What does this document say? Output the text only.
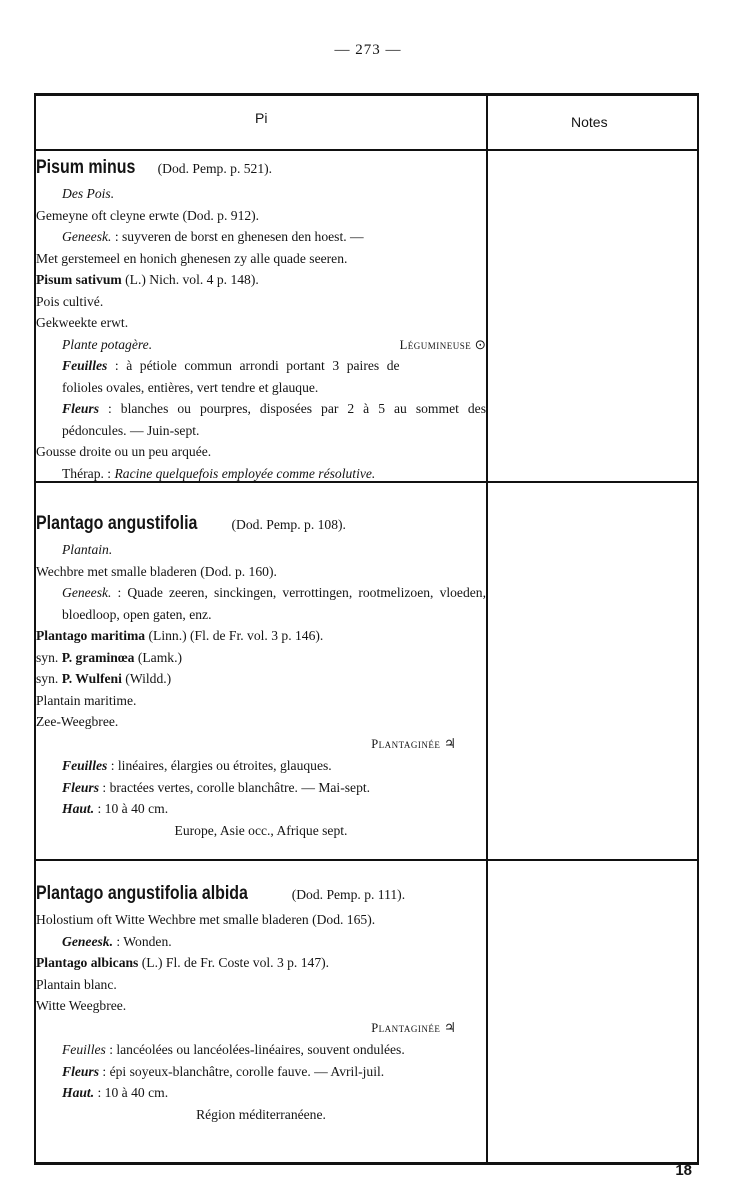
— 273 —
Pi	Notes
Pisum minus (Dod. Pemp. p. 521).
Des Pois.
Gemeyne oft cleyne erwte (Dod. p. 912).
Geneesk. : suyveren de borst en ghenesen den hoest. —
Met gerstemeel en honich ghenesen zy alle quade seeren.
Pisum sativum (L.) Nich. vol. 4 p. 148).
Pois cultivé.
Gekweekte erwt.
Plante potagère.	Légumineuse ⊙
Feuilles : à pétiole commun arrondi portant 3 paires de folioles ovales, entières, vert tendre et glauque.
Fleurs : blanches ou pourpres, disposées par 2 à 5 au sommet des pédoncules. — Juin-sept.
Gousse droite ou un peu arquée.
Thérap. : Racine quelquefois employée comme résolutive.
Plantago angustifolia (Dod. Pemp. p. 108).
Plantain.
Wechbre met smalle bladeren (Dod. p. 160).
Geneesk. : Quade zeeren, sinckingen, verrottingen, rootmelizoen, vloeden, bloedloop, open gaten, enz.
Plantago maritima (Linn.) (Fl. de Fr. vol. 3 p. 146).
syn. P. graminœa (Lamk.)
syn. P. Wulfeni (Wildd.)
Plantain maritime.
Zee-Weegbree.
Plantaginée ♃
Feuilles : linéaires, élargies ou étroites, glauques.
Fleurs : bractées vertes, corolle blanchâtre. — Mai-sept.
Haut. : 10 à 40 cm.
Europe, Asie occ., Afrique sept.
Plantago angustifolia albida	(Dod. Pemp. p. 111).
Holostium oft Witte Wechbre met smalle bladeren (Dod. 165).
Geneesk. : Wonden.
Plantago albicans (L.) Fl. de Fr. Coste vol. 3 p. 147).
Plantain blanc.
Witte Weegbree.
Plantaginée ♃
Feuilles : lancéolées ou lancéolées-linéaires, souvent ondulées.
Fleurs : épi soyeux-blanchâtre, corolle fauve. — Avril-juil.
Haut. : 10 à 40 cm.
Région méditerranéene.
18
